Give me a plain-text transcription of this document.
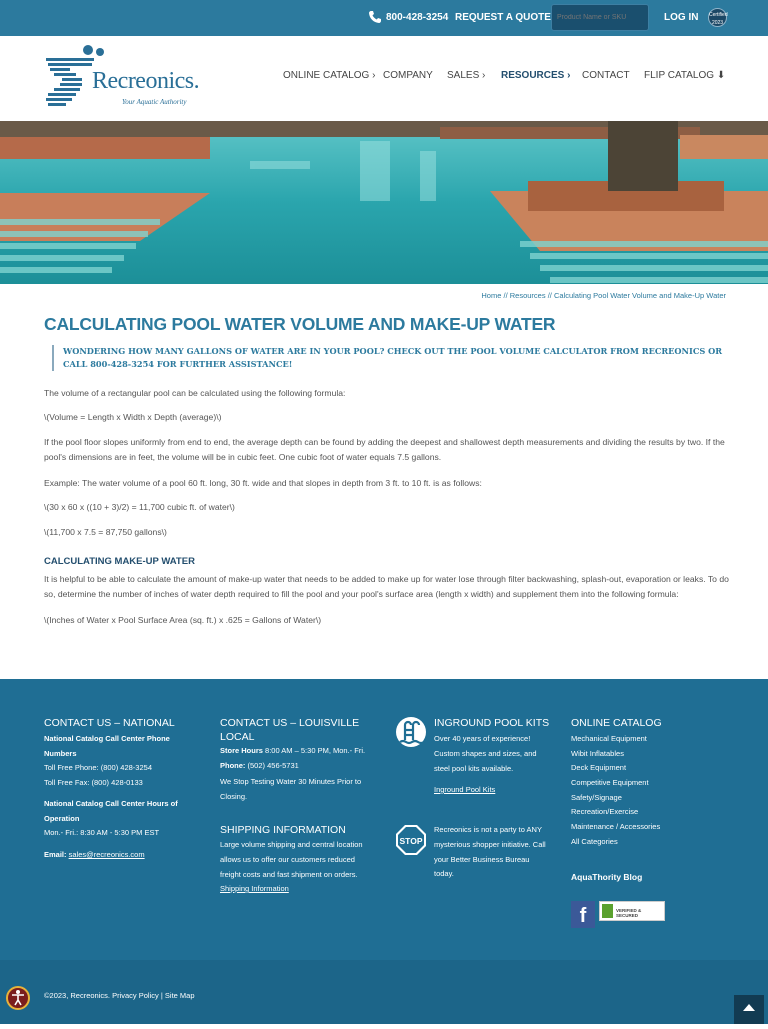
800-428-3254 REQUEST A QUOTE
Product Name or SKU	LOG IN Certified
2023
Recreonics.
Your Aquatic Authority
ONLINE CATALOG › COMPANY SALES › RESOURCES › CONTACT FLIP CATALOG ⬇
Home // Resources // Calculating Pool Water Volume and Make-Up Water
CALCULATING POOL WATER VOLUME AND MAKE-UP WATER
WONDERING HOW MANY GALLONS OF WATER ARE IN YOUR POOL? CHECK OUT THE POOL VOLUME CALCULATOR FROM RECREONICS OR CALL 800-428-3254 FOR FURTHER ASSISTANCE!
The volume of a rectangular pool can be calculated using the following formula:
\(Volume = Length x Width x Depth (average)\)
If the pool floor slopes uniformly from end to end, the average depth can be found by adding the deepest and shallowest depth measurements and dividing the results by two. If the pool's dimensions are in feet, the volume will be in cubic feet. One cubic foot of water equals 7.5 gallons.
Example: The water volume of a pool 60 ft. long, 30 ft. wide and that slopes in depth from 3 ft. to 10 ft. is as follows:
\(30 x 60 x ((10 + 3)/2) = 11,700 cubic ft. of water\)
\(11,700 x 7.5 = 87,750 gallons\)
CALCULATING MAKE-UP WATER
It is helpful to be able to calculate the amount of make-up water that needs to be added to make up for water lose through filter backwashing, splash-out, evaporation or leaks. To do so, determine the number of inches of water depth required to fill the pool and your pool's surface area (length x width) and supplement them into the following formula:
\(Inches of Water x Pool Surface Area (sq. ft.) x .625 = Gallons of Water\)
CONTACT US – NATIONAL
National Catalog Call Center Phone Numbers
Toll Free Phone: (800) 428-3254
Toll Free Fax: (800) 428-0133
National Catalog Call Center Hours of Operation
Mon.- Fri.: 8:30 AM - 5:30 PM EST
Email: sales@recreonics.com
CONTACT US – LOUISVILLE LOCAL
Store Hours 8:00 AM – 5:30 PM, Mon.- Fri.
Phone: (502) 456-5731
We Stop Testing Water 30 Minutes Prior to Closing.
SHIPPING INFORMATION
Large volume shipping and central location allows us to offer our customers reduced freight costs and fast shipment on orders.
Shipping Information
INGROUND POOL KITS
Over 40 years of experience! Custom shapes and sizes, and steel pool kits available.
Inground Pool Kits
STOP
Recreonics is not a party to ANY mysterious shopper initiative. Call your Better Business Bureau today.
ONLINE CATALOG
Mechanical Equipment
Wibit Inflatables
Deck Equipment
Competitive Equipment
Safety/Signage
Recreation/Exercise
Maintenance / Accessories
All Categories
AquaThority Blog
f	VERIFIED & SECURED
©2023, Recreonics. Privacy Policy | Site Map
